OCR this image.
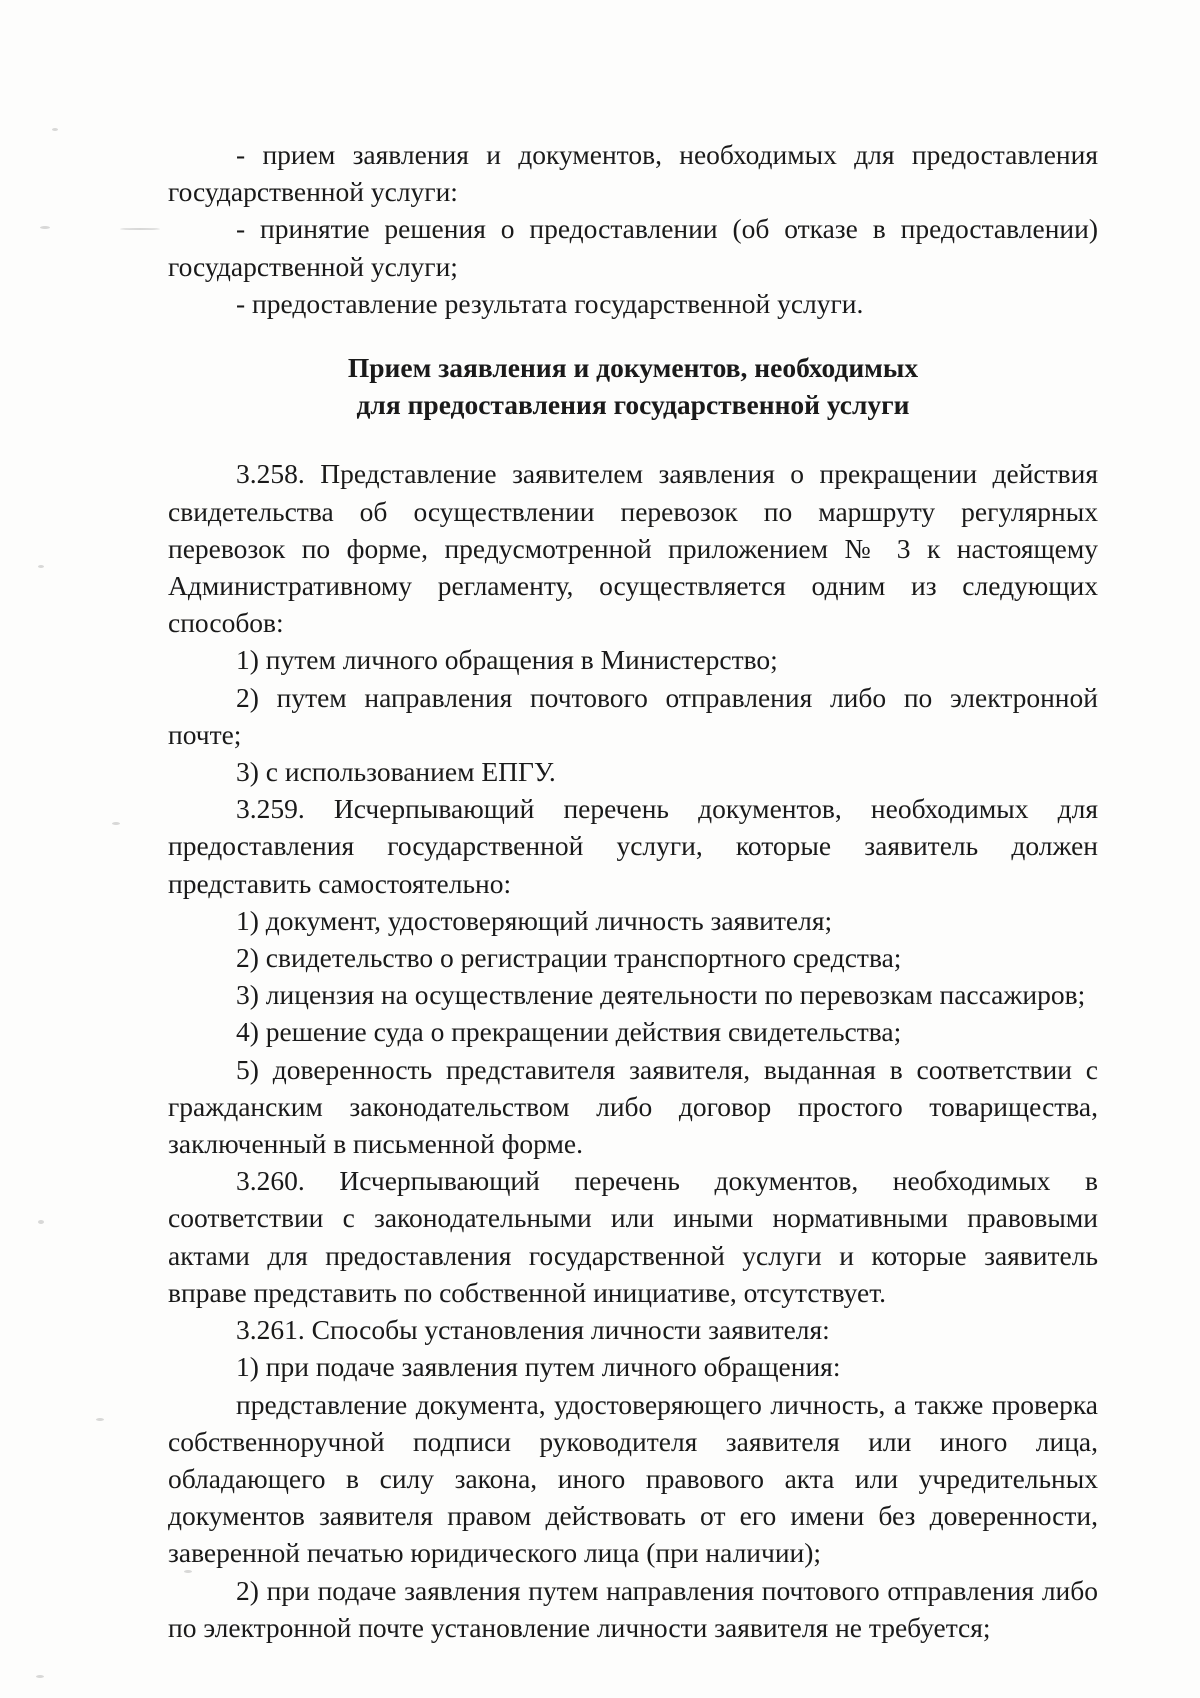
- прием заявления и документов, необходимых для предоставления государственной услуги:

- принятие решения о предоставлении (об отказе в предоставлении) государственной услуги;

- предоставление результата государственной услуги.

Прием заявления и документов, необходимых
для предоставления государственной услуги

3.258. Представление заявителем заявления о прекращении действия свидетельства об осуществлении перевозок по маршруту регулярных перевозок по форме, предусмотренной приложением № 3 к настоящему Административному регламенту, осуществляется одним из следующих способов:

1) путем личного обращения в Министерство;

2) путем направления почтового отправления либо по электронной почте;

3) с использованием ЕПГУ.

3.259. Исчерпывающий перечень документов, необходимых для предоставления государственной услуги, которые заявитель должен представить самостоятельно:

1) документ, удостоверяющий личность заявителя;

2) свидетельство о регистрации транспортного средства;

3) лицензия на осуществление деятельности по перевозкам пассажиров;

4) решение суда о прекращении действия свидетельства;

5) доверенность представителя заявителя, выданная в соответствии с гражданским законодательством либо договор простого товарищества, заключенный в письменной форме.

3.260. Исчерпывающий перечень документов, необходимых в соответствии с законодательными или иными нормативными правовыми актами для предоставления государственной услуги и которые заявитель вправе представить по собственной инициативе, отсутствует.

3.261. Способы установления личности заявителя:

1) при подаче заявления путем личного обращения:

представление документа, удостоверяющего личность, а также проверка собственноручной подписи руководителя заявителя или иного лица, обладающего в силу закона, иного правового акта или учредительных документов заявителя правом действовать от его имени без доверенности, заверенной печатью юридического лица (при наличии);

2) при подаче заявления путем направления почтового отправления либо по электронной почте установление личности заявителя не требуется;
